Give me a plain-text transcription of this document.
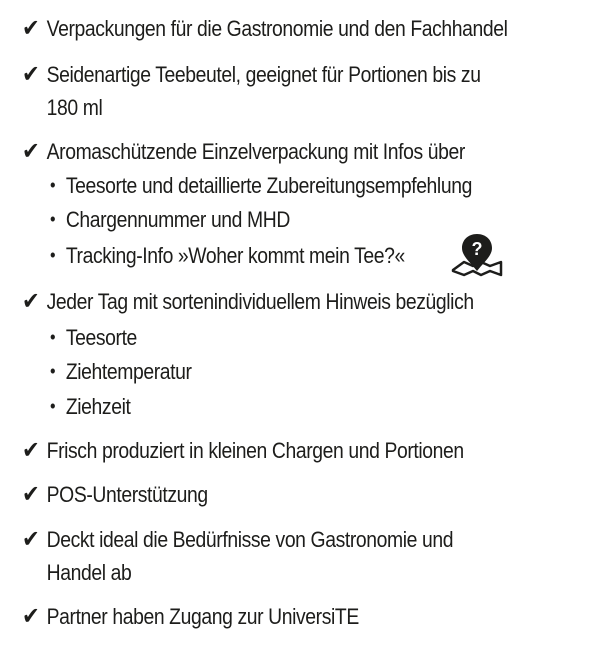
✔ Verpackungen für die Gastronomie und den Fachhandel
✔ Seidenartige Teebeutel, geeignet für Portionen bis zu
180 ml
✔ Aromaschützende Einzelverpackung mit Infos über
• Teesorte und detaillierte Zubereitungsempfehlung
• Chargennummer und MHD
• Tracking-Info »Woher kommt mein Tee?«	?
✔ Jeder Tag mit sortenindividuellem Hinweis bezüglich
• Teesorte
• Ziehtemperatur
• Ziehzeit
✔ Frisch produziert in kleinen Chargen und Portionen
✔ POS-Unterstützung
✔ Deckt ideal die Bedürfnisse von Gastronomie und
Handel ab
✔ Partner haben Zugang zur UniversiTE
